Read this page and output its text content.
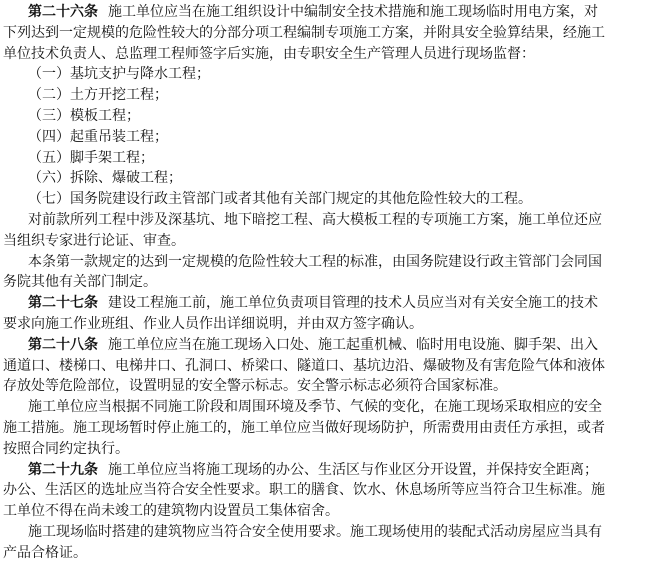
第二十六条 施工单位应当在施工组织设计中编制安全技术措施和施工现场临时用电方案，对
下列达到一定规模的危险性较大的分部分项工程编制专项施工方案，并附具安全验算结果，经施工
单位技术负责人、总监理工程师签字后实施，由专职安全生产管理人员进行现场监督：
（一）基坑支护与降水工程；
（二）土方开挖工程；
（三）模板工程；
（四）起重吊装工程；
（五）脚手架工程；
（六）拆除、爆破工程；
（七）国务院建设行政主管部门或者其他有关部门规定的其他危险性较大的工程。
对前款所列工程中涉及深基坑、地下暗挖工程、高大模板工程的专项施工方案，施工单位还应
当组织专家进行论证、审查。
本条第一款规定的达到一定规模的危险性较大工程的标准，由国务院建设行政主管部门会同国
务院其他有关部门制定。
第二十七条 建设工程施工前，施工单位负责项目管理的技术人员应当对有关安全施工的技术
要求向施工作业班组、作业人员作出详细说明，并由双方签字确认。
第二十八条 施工单位应当在施工现场入口处、施工起重机械、临时用电设施、脚手架、出入
通道口、楼梯口、电梯井口、孔洞口、桥梁口、隧道口、基坑边沿、爆破物及有害危险气体和液体
存放处等危险部位，设置明显的安全警示标志。安全警示标志必须符合国家标准。
施工单位应当根据不同施工阶段和周围环境及季节、气候的变化，在施工现场采取相应的安全
施工措施。施工现场暂时停止施工的，施工单位应当做好现场防护，所需费用由责任方承担，或者
按照合同约定执行。
第二十九条 施工单位应当将施工现场的办公、生活区与作业区分开设置，并保持安全距离；
办公、生活区的选址应当符合安全性要求。职工的膳食、饮水、休息场所等应当符合卫生标准。施
工单位不得在尚未竣工的建筑物内设置员工集体宿舍。
施工现场临时搭建的建筑物应当符合安全使用要求。施工现场使用的装配式活动房屋应当具有
产品合格证。
